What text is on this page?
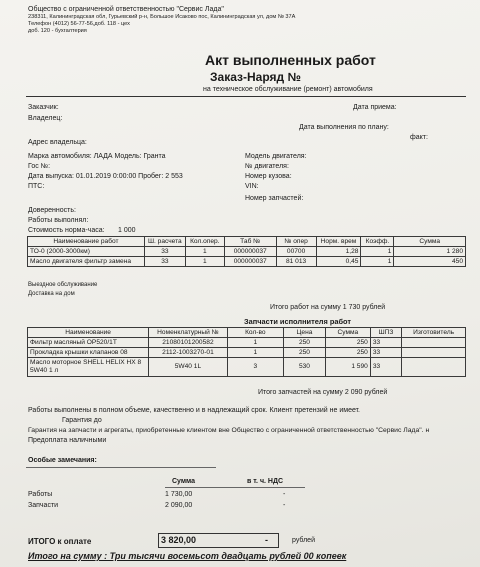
Общество с ограниченной ответственностью "Сервис Лада"
238311, Калининградская обл, Гурьевский р-н, Большое Исаково пос, Калининградская ул, дом № 37А
Телефон (4012) 56-77-56,доб. 118 - цех
доб. 120 - бухгалтерия
Акт выполненных работ
Заказ-Наряд №
на техническое обслуживание (ремонт) автомобиля
Заказчик:
Владелец:
Адрес владельца:
Марка автомобиля: ЛАДА Модель: Гранта
Гос №:
Дата выпуска: 01.01.2019 0:00:00 Пробег: 2 553
ПТС:
Дата приема:
Дата выполнения по плану:
факт:
Модель двигателя:
№ двигателя:
Номер кузова:
VIN:
Номер запчастей:
Доверенность:
Работы выполнял:
Стоимость норма-часа: 1 000
Наименование работ	Ш. расчета	Кол.опер.	Таб №	№ опер	Норм. врем	Коэфф.	Сумма
ТО-0 (2000-3000км)	33	1	000000037	00700	1,28	1	1 280
Масло двигателя фильтр замена	33	1	000000037	81 013	0,45	1	450
Выездное обслуживание
Доставка на дом
Итого работ на сумму 1 730 рублей
Запчасти исполнителя работ
Наименование	Номенклатурный №	Кол-во	Цена	Сумма	ШПЗ	Изготовитель
Фильтр масляный ОР520/1Т	21080101200582	1	250	250	33	
Прокладка крышки клапанов 08	2112-1003270-01	1	250	250	33	
Масло моторное SHELL HELIX HX 8 5W40 1 л	5W40 1L	3	530	1 590	33	
Итого запчастей на сумму 2 090 рублей
Работы выполнены в полном объеме, качественно и в надлежащий срок. Клиент претензий не имеет.
Гарантия до
Гарантия на запчасти и агрегаты, приобретенные клиентом вне Общество с ограниченной ответственностью "Сервис Лада". н
Предоплата наличными
Особые замечания:
Сумма	в т. ч. НДС
Работы	1 730,00	-
Запчасти	2 090,00	-
ИТОГО к оплате	3 820,00	-	рублей
Итого на сумму : Три тысячи восемьсот двадцать рублей 00 копеек
